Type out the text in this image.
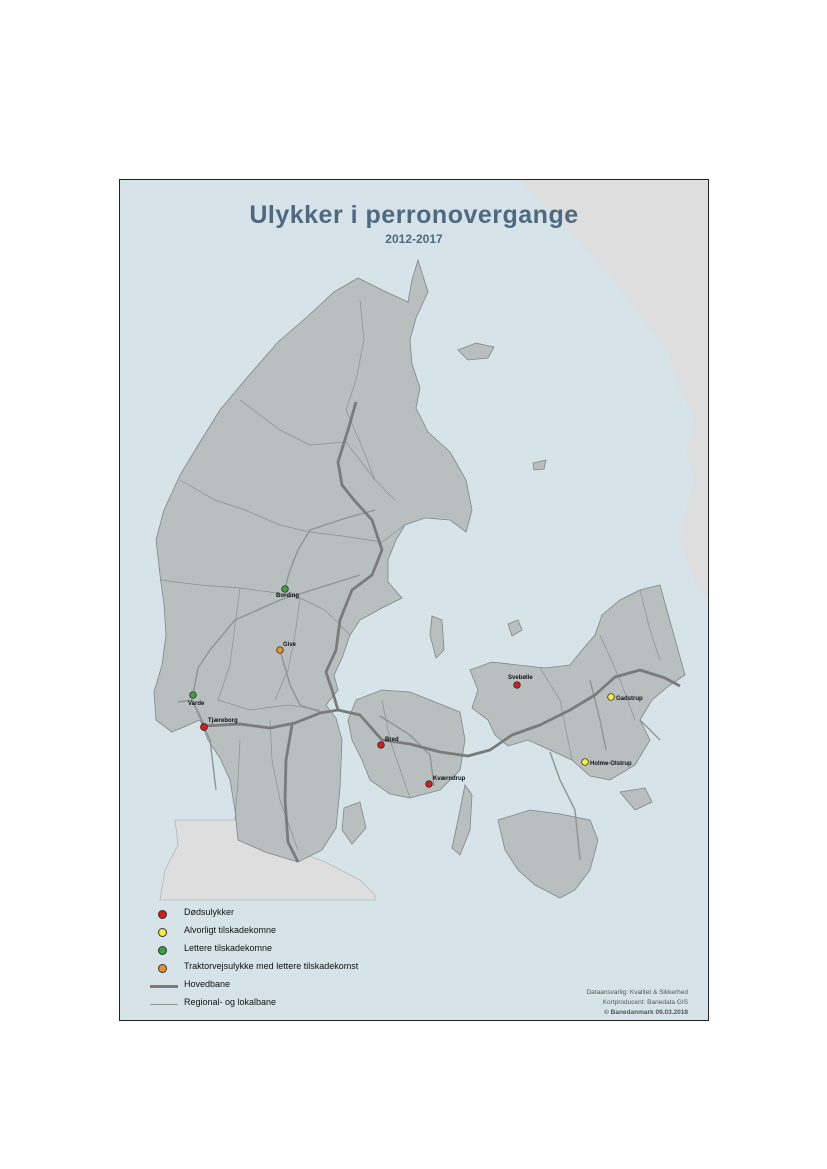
Bording
Give
Varde
Tjæreborg
Bred
Kværndrup
Svebølle
Gadstrup
Holme-Olstrup
Ulykker i perronovergange
2012-2017
Dødsulykker
Alvorligt tilskadekomne
Lettere tilskadekomne
Traktorvejsulykke med lettere tilskadekomst
Hovedbane
Regional- og lokalbane
Dataansvarlig: Kvalitet & Sikkerhed
Kortproducent: Banedata GIS
© Banedanmark 09.03.2018
